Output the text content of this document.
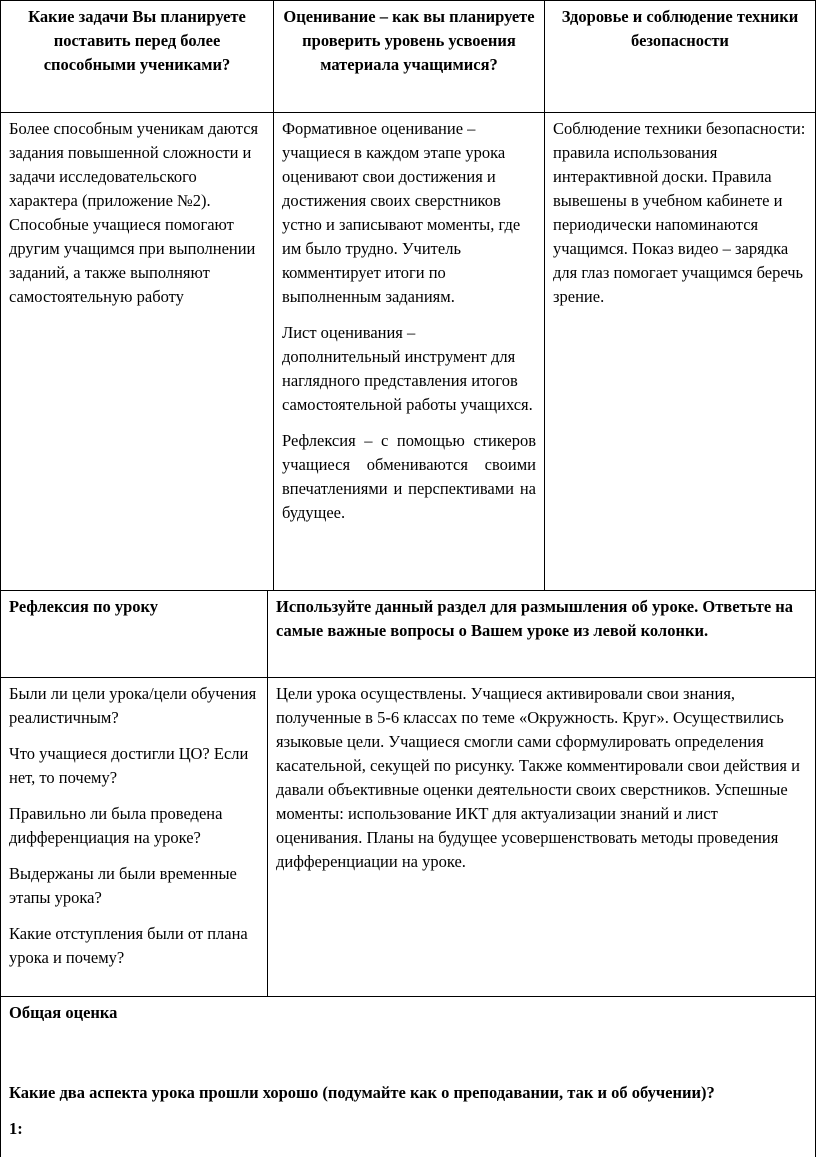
Какие задачи Вы планируете поставить перед более способными учениками?
Оценивание – как вы планируете проверить уровень усвоения материала учащимися?
Здоровье и соблюдение техники безопасности

Более способным ученикам даются задания повышенной сложности и задачи исследовательского характера (приложение №2). Способные учащиеся помогают другим учащимся при выполнении заданий, а также выполняют самостоятельную работу

Формативное оценивание – учащиеся в каждом этапе урока оценивают свои достижения и достижения своих сверстников устно и записывают моменты, где им было трудно. Учитель комментирует итоги по выполненным заданиям.

Лист оценивания – дополнительный инструмент для наглядного представления итогов самостоятельной работы учащихся.

Рефлексия – с помощью стикеров учащиеся обмениваются своими впечатлениями и перспективами на будущее.

Соблюдение техники безопасности: правила использования интерактивной доски. Правила вывешены в учебном кабинете и периодически напоминаются учащимся. Показ видео – зарядка для глаз помогает учащимся беречь зрение.

Рефлексия по уроку	Используйте данный раздел для размышления об уроке. Ответьте на самые важные вопросы о Вашем уроке из левой колонки.

Были ли цели урока/цели обучения реалистичным?

Что учащиеся достигли ЦО? Если нет, то почему?

Правильно ли была проведена дифференциация на уроке?

Выдержаны ли были временные этапы урока?

Какие отступления были от плана урока и почему?

Цели урока осуществлены. Учащиеся активировали свои знания, полученные в 5-6 классах по теме «Окружность. Круг». Осуществились языковые цели. Учащиеся смогли сами сформулировать определения касательной, секущей по рисунку. Также комментировали свои действия и давали объективные оценки деятельности своих сверстников. Успешные моменты: использование ИКТ для актуализации знаний и лист оценивания. Планы на будущее усовершенствовать методы проведения дифференциации на уроке.

Общая оценка

Какие два аспекта урока прошли хорошо (подумайте как о преподавании, так и об обучении)?

1:
